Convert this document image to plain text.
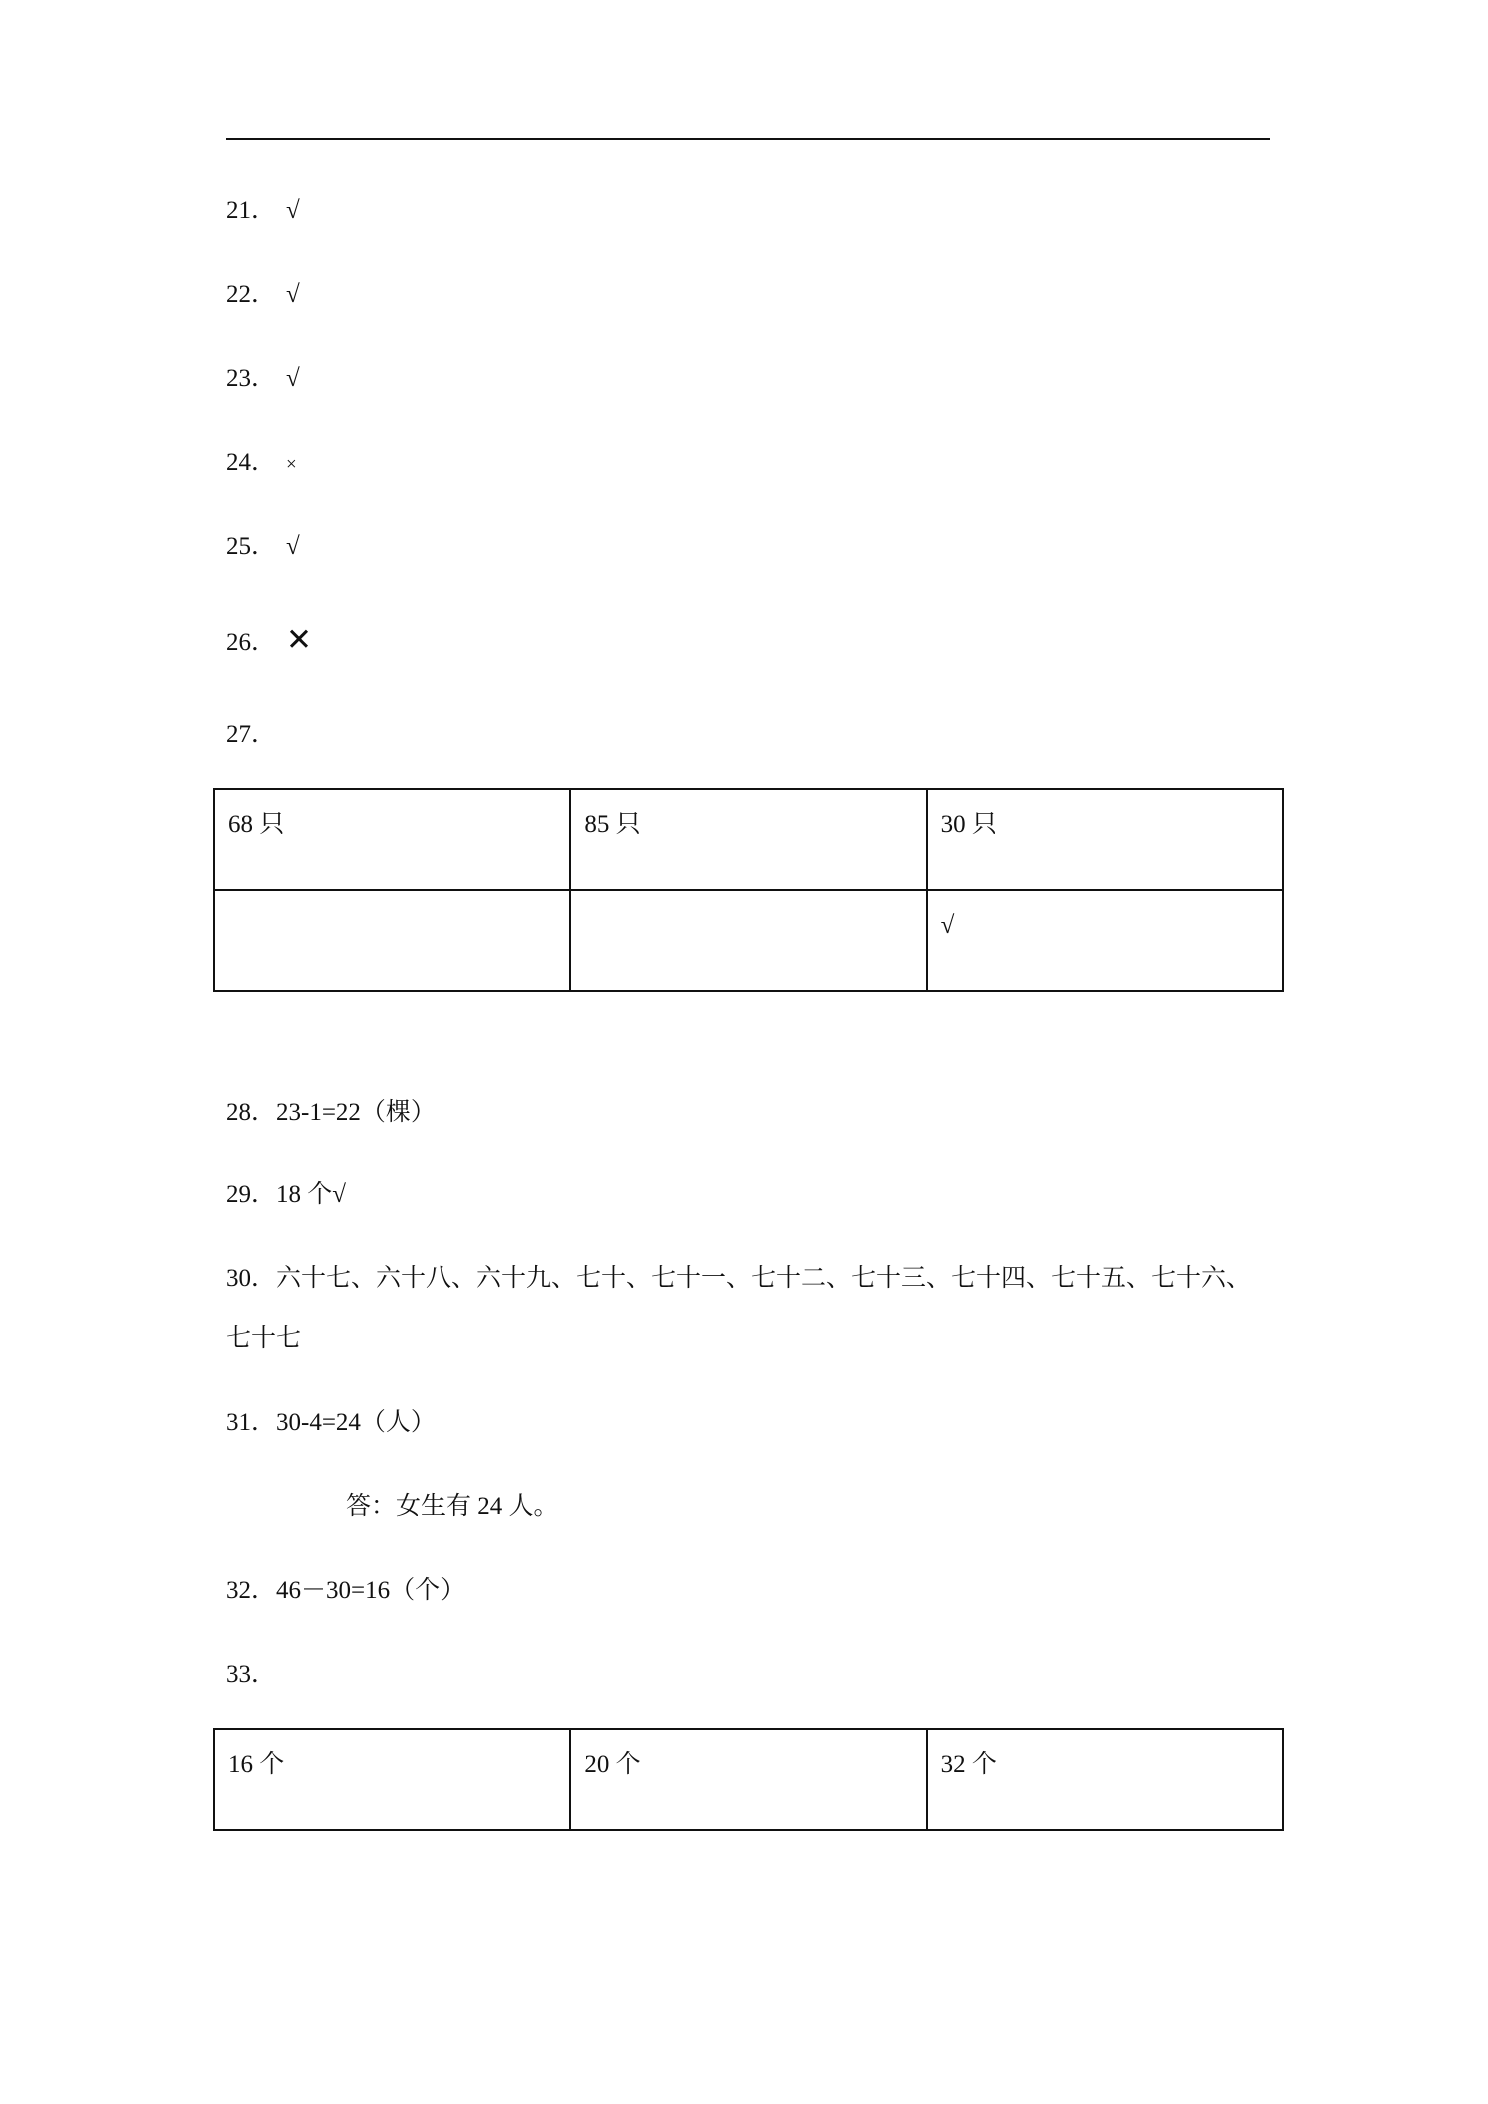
21． √
22． √
23． √
24． ×
25． √
26． ✕
27．
68 只	85 只	30 只
		√
28．23-1=22（棵）
29．18 个√
30．六十七、六十八、六十九、七十、七十一、七十二、七十三、七十四、七十五、七十六、
七十七
31．30-4=24（人）
答：女生有 24 人。
32．46－30=16（个）
33．
16 个	20 个	32 个
